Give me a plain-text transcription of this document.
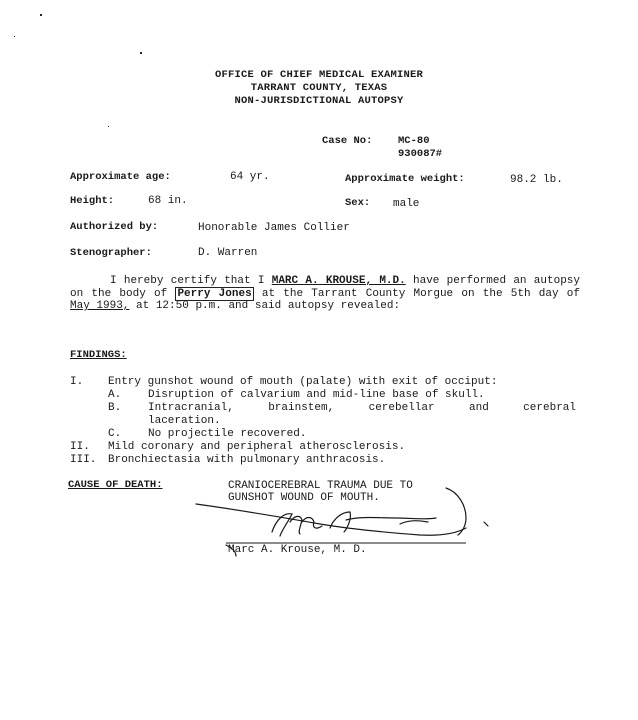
OFFICE OF CHIEF MEDICAL EXAMINER
TARRANT COUNTY, TEXAS
NON-JURISDICTIONAL AUTOPSY
Case No: MC-80
930087#
Approximate age:	64 yr.	Approximate weight:	98.2 lb.
Height:	68 in.	Sex: male
Authorized by:	Honorable James Collier
Stenographer:	D. Warren
I hereby certify that I MARC A. KROUSE, M.D. have performed an autopsy on the body of Perry Jones at the Tarrant County Morgue on the 5th day of May 1993, at 12:50 p.m. and said autopsy revealed:
FINDINGS:
I. Entry gunshot wound of mouth (palate) with exit of occiput:
A. Disruption of calvarium and mid-line base of skull.
B. Intracranial, brainstem, cerebellar and cerebral
laceration.
C. No projectile recovered.
II. Mild coronary and peripheral atherosclerosis.
III. Bronchiectasia with pulmonary anthracosis.
CAUSE OF DEATH:	CRANIOCEREBRAL TRAUMA DUE TO
GUNSHOT WOUND OF MOUTH.
Marc A. Krouse, M. D.
